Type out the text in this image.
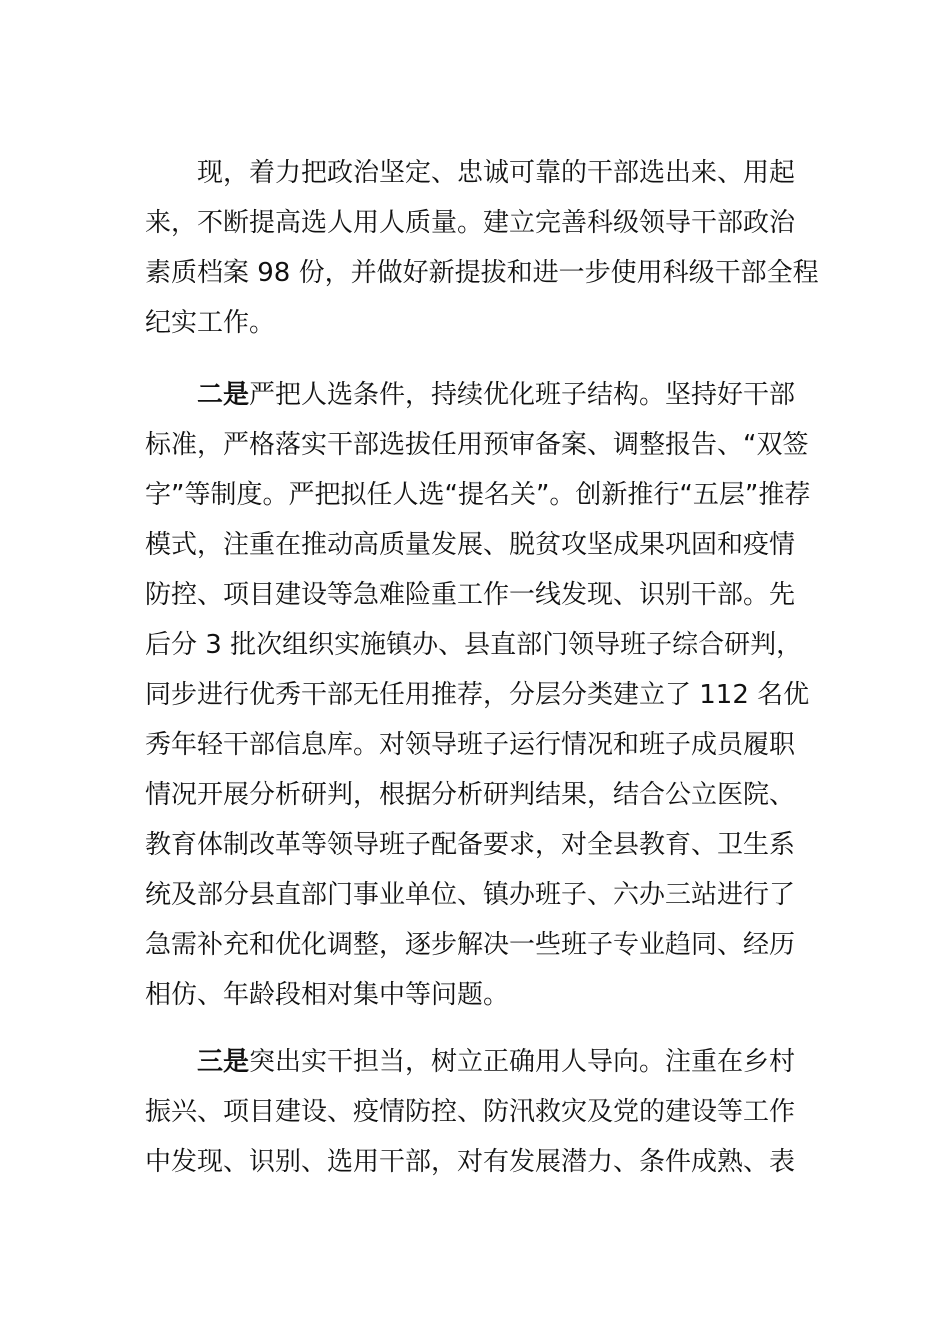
现，着力把政治坚定、忠诚可靠的干部选出来、用起
来，不断提高选人用人质量。建立完善科级领导干部政治
素质档案 98 份，并做好新提拔和进一步使用科级干部全程
纪实工作。
二是严把人选条件，持续优化班子结构。坚持好干部
标准，严格落实干部选拔任用预审备案、调整报告、“双签
字”等制度。严把拟任人选“提名关”。创新推行“五层”推荐
模式，注重在推动高质量发展、脱贫攻坚成果巩固和疫情
防控、项目建设等急难险重工作一线发现、识别干部。先
后分 3 批次组织实施镇办、县直部门领导班子综合研判，
同步进行优秀干部无任用推荐，分层分类建立了 112 名优
秀年轻干部信息库。对领导班子运行情况和班子成员履职
情况开展分析研判，根据分析研判结果，结合公立医院、
教育体制改革等领导班子配备要求，对全县教育、卫生系
统及部分县直部门事业单位、镇办班子、六办三站进行了
急需补充和优化调整，逐步解决一些班子专业趋同、经历
相仿、年龄段相对集中等问题。
三是突出实干担当，树立正确用人导向。注重在乡村
振兴、项目建设、疫情防控、防汛救灾及党的建设等工作
中发现、识别、选用干部，对有发展潜力、条件成熟、表
